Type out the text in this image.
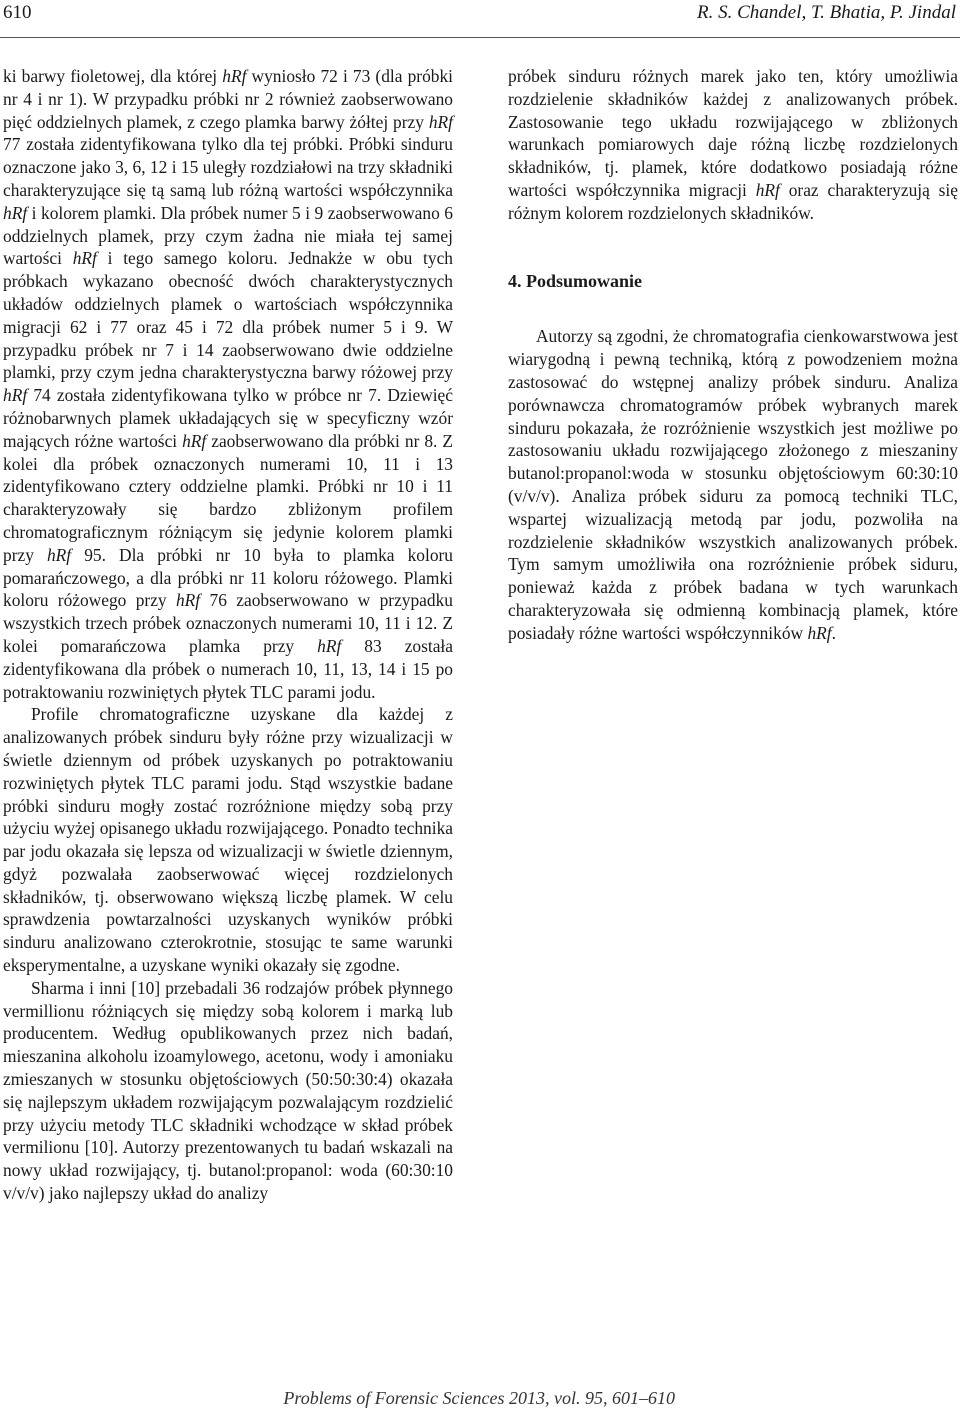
610	R. S. Chandel, T. Bhatia, P. Jindal

ki barwy fioletowej, dla której hRf wyniosło 72 i 73 (dla próbki nr 4 i nr 1). W przypadku próbki nr 2 również zaobserwowano pięć oddzielnych plamek, z czego plamka barwy żółtej przy hRf 77 została zidentyfikowana tylko dla tej próbki. Próbki sinduru oznaczone jako 3, 6, 12 i 15 uległy rozdziałowi na trzy składniki charakteryzujące się tą samą lub różną wartości współczynnika hRf i kolorem plamki. Dla próbek numer 5 i 9 zaobserwowano 6 oddzielnych plamek, przy czym żadna nie miała tej samej wartości hRf i tego samego koloru. Jednakże w obu tych próbkach wykazano obecność dwóch charakterystycznych układów oddzielnych plamek o wartościach współczynnika migracji 62 i 77 oraz 45 i 72 dla próbek numer 5 i 9. W przypadku próbek nr 7 i 14 zaobserwowano dwie oddzielne plamki, przy czym jedna charakterystyczna barwy różowej przy hRf 74 została zidentyfikowana tylko w próbce nr 7. Dziewięć różnobarwnych plamek układających się w specyficzny wzór mających różne wartości hRf zaobserwowano dla próbki nr 8. Z kolei dla próbek oznaczonych numerami 10, 11 i 13 zidentyfikowano cztery oddzielne plamki. Próbki nr 10 i 11 charakteryzowały się bardzo zbliżonym profilem chromatograficznym różniącym się jedynie kolorem plamki przy hRf 95. Dla próbki nr 10 była to plamka koloru pomarańczowego, a dla próbki nr 11 koloru różowego. Plamki koloru różowego przy hRf 76 zaobserwowano w przypadku wszystkich trzech próbek oznaczonych numerami 10, 11 i 12. Z kolei pomarańczowa plamka przy hRf 83 została zidentyfikowana dla próbek o numerach 10, 11, 13, 14 i 15 po potraktowaniu rozwiniętych płytek TLC parami jodu.

Profile chromatograficzne uzyskane dla każdej z analizowanych próbek sinduru były różne przy wizualizacji w świetle dziennym od próbek uzyskanych po potraktowaniu rozwiniętych płytek TLC parami jodu. Stąd wszystkie badane próbki sinduru mogły zostać rozróżnione między sobą przy użyciu wyżej opisanego układu rozwijającego. Ponadto technika par jodu okazała się lepsza od wizualizacji w świetle dziennym, gdyż pozwalała zaobserwować więcej rozdzielonych składników, tj. obserwowano większą liczbę plamek. W celu sprawdzenia powtarzalności uzyskanych wyników próbki sinduru analizowano czterokrotnie, stosując te same warunki eksperymentalne, a uzyskane wyniki okazały się zgodne.

Sharma i inni [10] przebadali 36 rodzajów próbek płynnego vermillionu różniących się między sobą kolorem i marką lub producentem. Według opublikowanych przez nich badań, mieszanina alkoholu izoamylowego, acetonu, wody i amoniaku zmieszanych w stosunku objętościowych (50:50:30:4) okazała się najlepszym układem rozwijającym pozwalającym rozdzielić przy użyciu metody TLC składniki wchodzące w skład próbek vermilionu [10]. Autorzy prezentowanych tu badań wskazali na nowy układ rozwijający, tj. butanol:propanol: woda (60:30:10 v/v/v) jako najlepszy układ do analizy

próbek sinduru różnych marek jako ten, który umożliwia rozdzielenie składników każdej z analizowanych próbek. Zastosowanie tego układu rozwijającego w zbliżonych warunkach pomiarowych daje różną liczbę rozdzielonych składników, tj. plamek, które dodatkowo posiadają różne wartości współczynnika migracji hRf oraz charakteryzują się różnym kolorem rozdzielonych składników.

4. Podsumowanie

Autorzy są zgodni, że chromatografia cienkowarstwowa jest wiarygodną i pewną techniką, którą z powodzeniem można zastosować do wstępnej analizy próbek sinduru. Analiza porównawcza chromatogramów próbek wybranych marek sinduru pokazała, że rozróżnienie wszystkich jest możliwe po zastosowaniu układu rozwijającego złożonego z mieszaniny butanol:propanol:woda w stosunku objętościowym 60:30:10 (v/v/v). Analiza próbek siduru za pomocą techniki TLC, wspartej wizualizacją metodą par jodu, pozwoliła na rozdzielenie składników wszystkich analizowanych próbek. Tym samym umożliwiła ona rozróżnienie próbek siduru, ponieważ każda z próbek badana w tych warunkach charakteryzowała się odmienną kombinacją plamek, które posiadały różne wartości współczynników hRf.

Problems of Forensic Sciences 2013, vol. 95, 601–610
